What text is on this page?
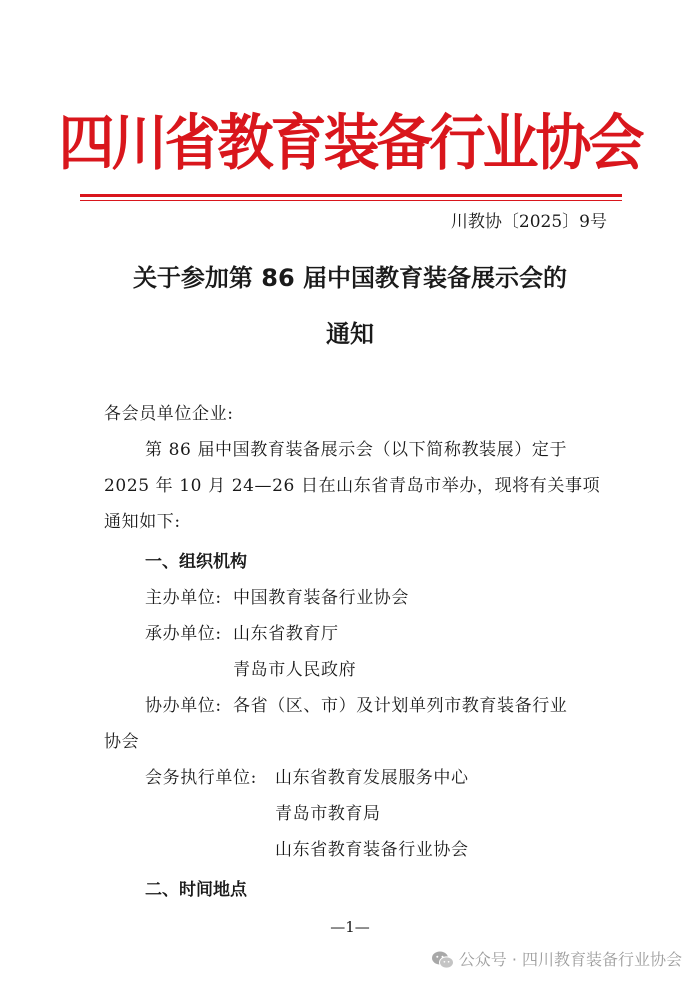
四川省教育装备行业协会
川教协〔2025〕9号
关于参加第 86 届中国教育装备展示会的
通知
各会员单位企业:
第 86 届中国教育装备展示会（以下简称教装展）定于
2025 年 10 月 24—26 日在山东省青岛市举办，现将有关事项
通知如下:
一、组织机构
主办单位: 中国教育装备行业协会
承办单位: 山东省教育厅
青岛市人民政府
协办单位: 各省（区、市）及计划单列市教育装备行业
协会
会务执行单位: 山东省教育发展服务中心
青岛市教育局
山东省教育装备行业协会
二、时间地点
—1—
公众号 · 四川教育装备行业协会
